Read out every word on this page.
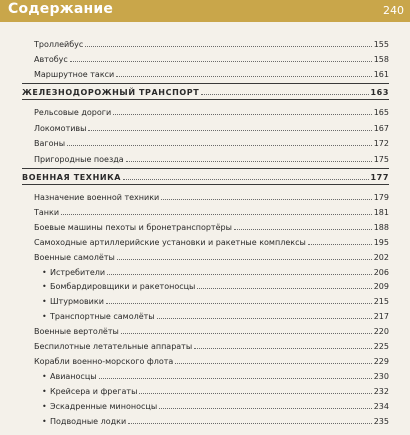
Содержание	240
Троллейбус	155
Автобус	158
Маршрутное такси	161
ЖЕЛЕЗНОДОРОЖНЫЙ ТРАНСПОРТ	163
Рельсовые дороги	165
Локомотивы	167
Вагоны	172
Пригородные поезда	175
ВОЕННАЯ ТЕХНИКА	177
Назначение военной техники	179
Танки	181
Боевые машины пехоты и бронетранспортёры	188
Самоходные артиллерийские установки и ракетные комплексы	195
Военные самолёты	202
• Истребители	206
• Бомбардировщики и ракетоносцы	209
• Штурмовики	215
• Транспортные самолёты	217
Военные вертолёты	220
Беспилотные летательные аппараты	225
Корабли военно-морского флота	229
• Авианосцы	230
• Крейсера и фрегаты	232
• Эскадренные миноносцы	234
• Подводные лодки	235
